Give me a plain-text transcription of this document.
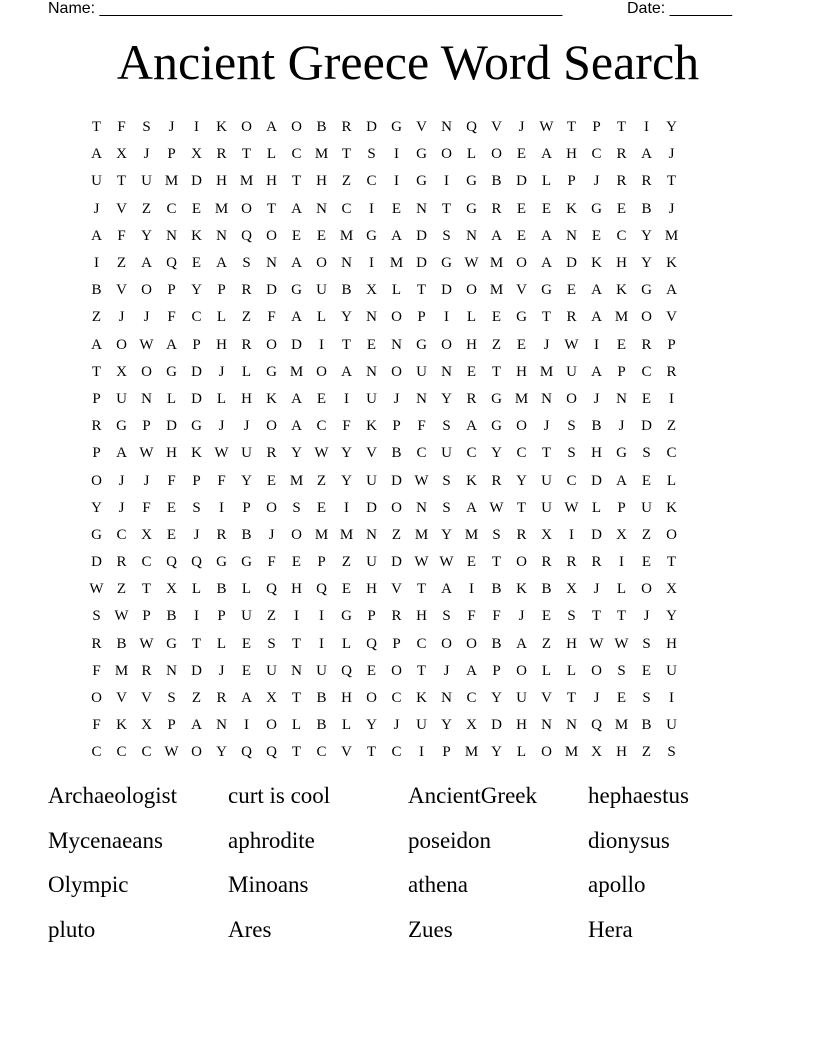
Name: ____________________________________________________	Date: _______
Ancient Greece Word Search
T	F	S	J	I	K O A O B R D G V N Q V	J W T	P	T	I	Y
A X	J	P	X R	T	L	C M T	S	I	G O L	O E	A H C R A	J
U T	U M D H M H T	H Z	C	I	G	I	G B D L	P	J	R R	T
J	V Z	C	E M O T	A N C	I	E	N T	G R	E	E	K G E	B	J
A	F	Y N K N Q O E	E M G A D	S	N A E	A N E	C Y M
I	Z	A Q E	A	S	N A O N	I	M D G W M O A D K H Y K
B V O	P	Y	P	R D G U B X L	T	D O M V G E	A K G A
Z	J	J	F	C	L	Z	F	A L	Y N O	P	I	L	E	G T	R A M O V
A O W A	P	H R O D	I	T	E	N G O H Z	E	J W	I	E	R	P
T	X O G D	J	L	G M O A N O U N E	T	H M U A	P	C R
P	U N L	D L	H K A E	I	U	J	N Y R G M N O	J	N E	I
R G	P	D G	J	J	O A C	F	K	P	F	S	A G O	J	S	B	J	D Z
P	A W H K W U R Y W Y V B C U C Y C	T	S	H G	S	C
O	J	J	F	P	F	Y E M Z	Y U D W S	K R Y U C D A E	L
Y	J	F	E	S	I	P	O	S	E	I	D O N	S	A W T	U W L	P	U K
G C X E	J	R B	J	O M M N Z M Y M S	R X	I	D X Z	O
D R C Q Q G G	F	E	P	Z	U D W W E	T	O R R R	I	E	T
W Z	T	X L	B	L	Q H Q E	H V T	A	I	B K B X	J	L	O X
S W P	B	I	P	U Z	I	I	G	P	R H	S	F	F	J	E	S	T	T	J	Y
R B W G T	L	E	S	T	I	L	Q	P	C O O B A Z	H W W S	H
F M R N D	J	E	U N U Q E	O T	J	A	P	O L	L	O	S	E	U
O V V	S	Z	R A X T	B H O C K N C Y U V T	J	E	S	I
F	K X	P	A N	I	O L	B	L	Y	J	U Y X D H N N Q M B U
C C C W O Y Q Q T	C V T	C	I	P M Y L	O M X H Z	S
Archaeologist	curt is cool	AncientGreek	hephaestus
Mycenaeans	aphrodite	poseidon	dionysus
Olympic	Minoans	athena	apollo
pluto	Ares	Zues	Hera
